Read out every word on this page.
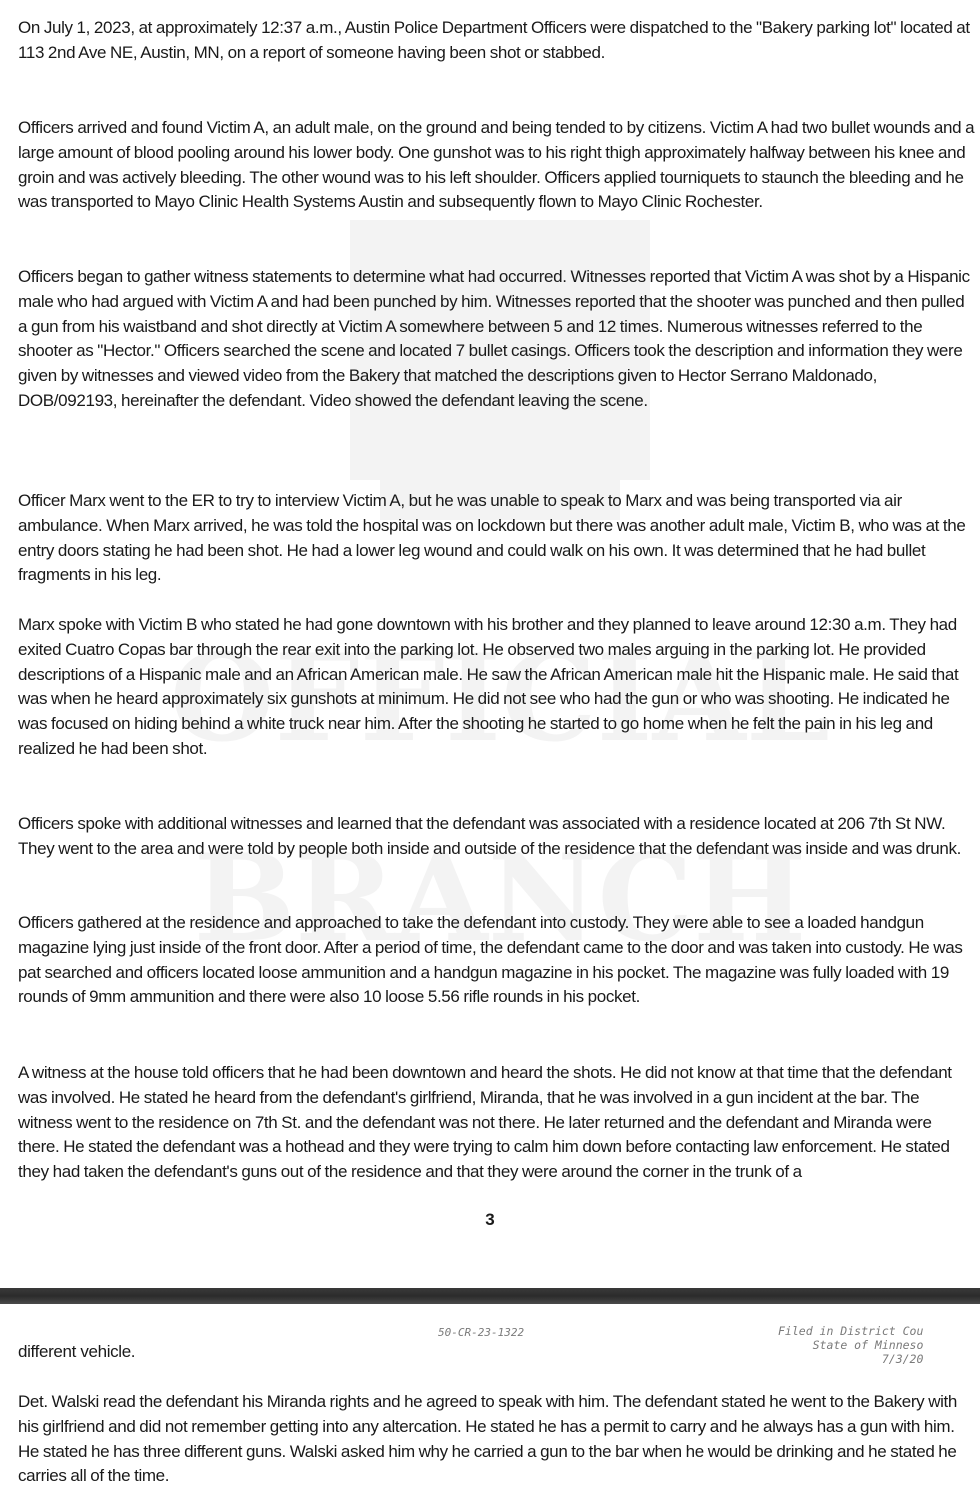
On July 1, 2023, at approximately 12:37 a.m., Austin Police Department Officers were dispatched to the "Bakery parking lot" located at 113 2nd Ave NE, Austin, MN, on a report of someone having been shot or stabbed.

Officers arrived and found Victim A, an adult male, on the ground and being tended to by citizens. Victim A had two bullet wounds and a large amount of blood pooling around his lower body. One gunshot was to his right thigh approximately halfway between his knee and groin and was actively bleeding. The other wound was to his left shoulder. Officers applied tourniquets to staunch the bleeding and he was transported to Mayo Clinic Health Systems Austin and subsequently flown to Mayo Clinic Rochester.

Officers began to gather witness statements to determine what had occurred. Witnesses reported that Victim A was shot by a Hispanic male who had argued with Victim A and had been punched by him. Witnesses reported that the shooter was punched and then pulled a gun from his waistband and shot directly at Victim A somewhere between 5 and 12 times. Numerous witnesses referred to the shooter as "Hector." Officers searched the scene and located 7 bullet casings. Officers took the description and information they were given by witnesses and viewed video from the Bakery that matched the descriptions given to Hector Serrano Maldonado, DOB/092193, hereinafter the defendant. Video showed the defendant leaving the scene.

Officer Marx went to the ER to try to interview Victim A, but he was unable to speak to Marx and was being transported via air ambulance. When Marx arrived, he was told the hospital was on lockdown but there was another adult male, Victim B, who was at the entry doors stating he had been shot. He had a lower leg wound and could walk on his own. It was determined that he had bullet fragments in his leg.

Marx spoke with Victim B who stated he had gone downtown with his brother and they planned to leave around 12:30 a.m. They had exited Cuatro Copas bar through the rear exit into the parking lot. He observed two males arguing in the parking lot. He provided descriptions of a Hispanic male and an African American male. He saw the African American male hit the Hispanic male. He said that was when he heard approximately six gunshots at minimum. He did not see who had the gun or who was shooting. He indicated he was focused on hiding behind a white truck near him. After the shooting he started to go home when he felt the pain in his leg and realized he had been shot.

Officers spoke with additional witnesses and learned that the defendant was associated with a residence located at 206 7th St NW. They went to the area and were told by people both inside and outside of the residence that the defendant was inside and was drunk.

Officers gathered at the residence and approached to take the defendant into custody. They were able to see a loaded handgun magazine lying just inside of the front door. After a period of time, the defendant came to the door and was taken into custody. He was pat searched and officers located loose ammunition and a handgun magazine in his pocket. The magazine was fully loaded with 19 rounds of 9mm ammunition and there were also 10 loose 5.56 rifle rounds in his pocket.

A witness at the house told officers that he had been downtown and heard the shots. He did not know at that time that the defendant was involved. He stated he heard from the defendant's girlfriend, Miranda, that he was involved in a gun incident at the bar. The witness went to the residence on 7th St. and the defendant was not there. He later returned and the defendant and Miranda were there. He stated the defendant was a hothead and they were trying to calm him down before contacting law enforcement. He stated they had taken the defendant's guns out of the residence and that they were around the corner in the trunk of a

3
50-CR-23-1322	Filed in District Cou
State of Minneso
7/3/20
different vehicle.

Det. Walski read the defendant his Miranda rights and he agreed to speak with him. The defendant stated he went to the Bakery with his girlfriend and did not remember getting into any altercation. He stated he has a permit to carry and he always has a gun with him. He stated he has three different guns. Walski asked him why he carried a gun to the bar when he would be drinking and he stated he carries all of the time.
